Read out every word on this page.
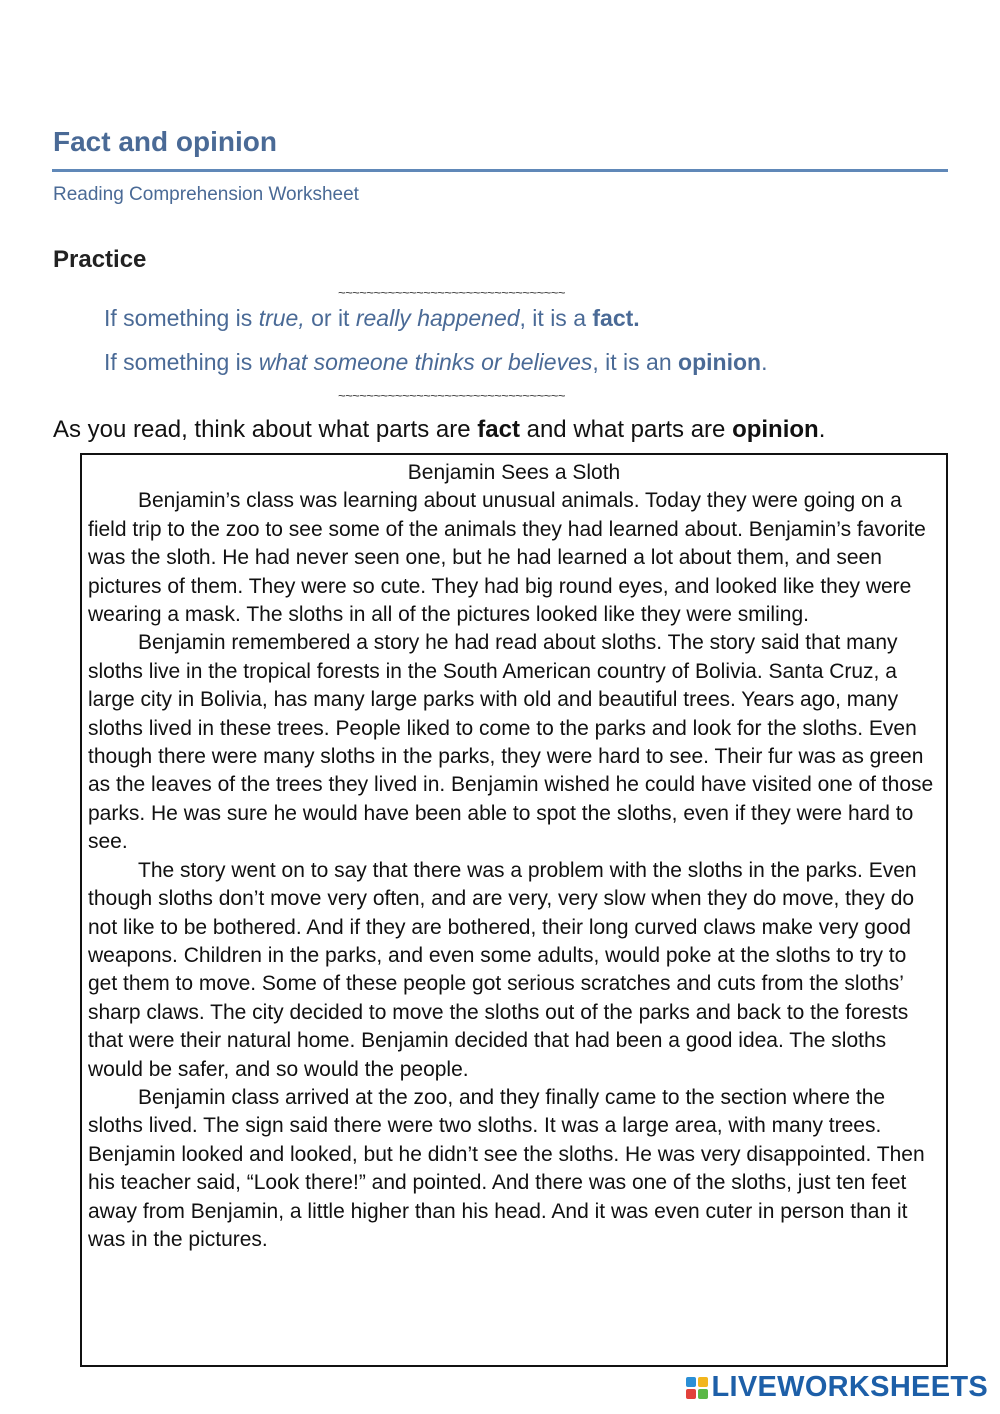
Fact and opinion
Reading Comprehension Worksheet
Practice
~~~~~~~~~~~~~~~~~~~~~~~~~~~~~~~~
If something is true, or it really happened, it is a fact.
If something is what someone thinks or believes, it is an opinion.
~~~~~~~~~~~~~~~~~~~~~~~~~~~~~~~~
As you read, think about what parts are fact and what parts are opinion.
Benjamin Sees a Sloth

Benjamin’s class was learning about unusual animals. Today they were going on a field trip to the zoo to see some of the animals they had learned about. Benjamin’s favorite was the sloth. He had never seen one, but he had learned a lot about them, and seen pictures of them. They were so cute. They had big round eyes, and looked like they were wearing a mask. The sloths in all of the pictures looked like they were smiling.

Benjamin remembered a story he had read about sloths. The story said that many sloths live in the tropical forests in the South American country of Bolivia. Santa Cruz, a large city in Bolivia, has many large parks with old and beautiful trees. Years ago, many sloths lived in these trees. People liked to come to the parks and look for the sloths. Even though there were many sloths in the parks, they were hard to see. Their fur was as green as the leaves of the trees they lived in. Benjamin wished he could have visited one of those parks. He was sure he would have been able to spot the sloths, even if they were hard to see.

The story went on to say that there was a problem with the sloths in the parks. Even though sloths don’t move very often, and are very, very slow when they do move, they do not like to be bothered. And if they are bothered, their long curved claws make very good weapons. Children in the parks, and even some adults, would poke at the sloths to try to get them to move. Some of these people got serious scratches and cuts from the sloths’ sharp claws. The city decided to move the sloths out of the parks and back to the forests that were their natural home. Benjamin decided that had been a good idea. The sloths would be safer, and so would the people.

Benjamin class arrived at the zoo, and they finally came to the section where the sloths lived. The sign said there were two sloths. It was a large area, with many trees. Benjamin looked and looked, but he didn’t see the sloths. He was very disappointed. Then his teacher said, “Look there!” and pointed. And there was one of the sloths, just ten feet away from Benjamin, a little higher than his head. And it was even cuter in person than it was in the pictures.

LIVEWORKSHEETS
